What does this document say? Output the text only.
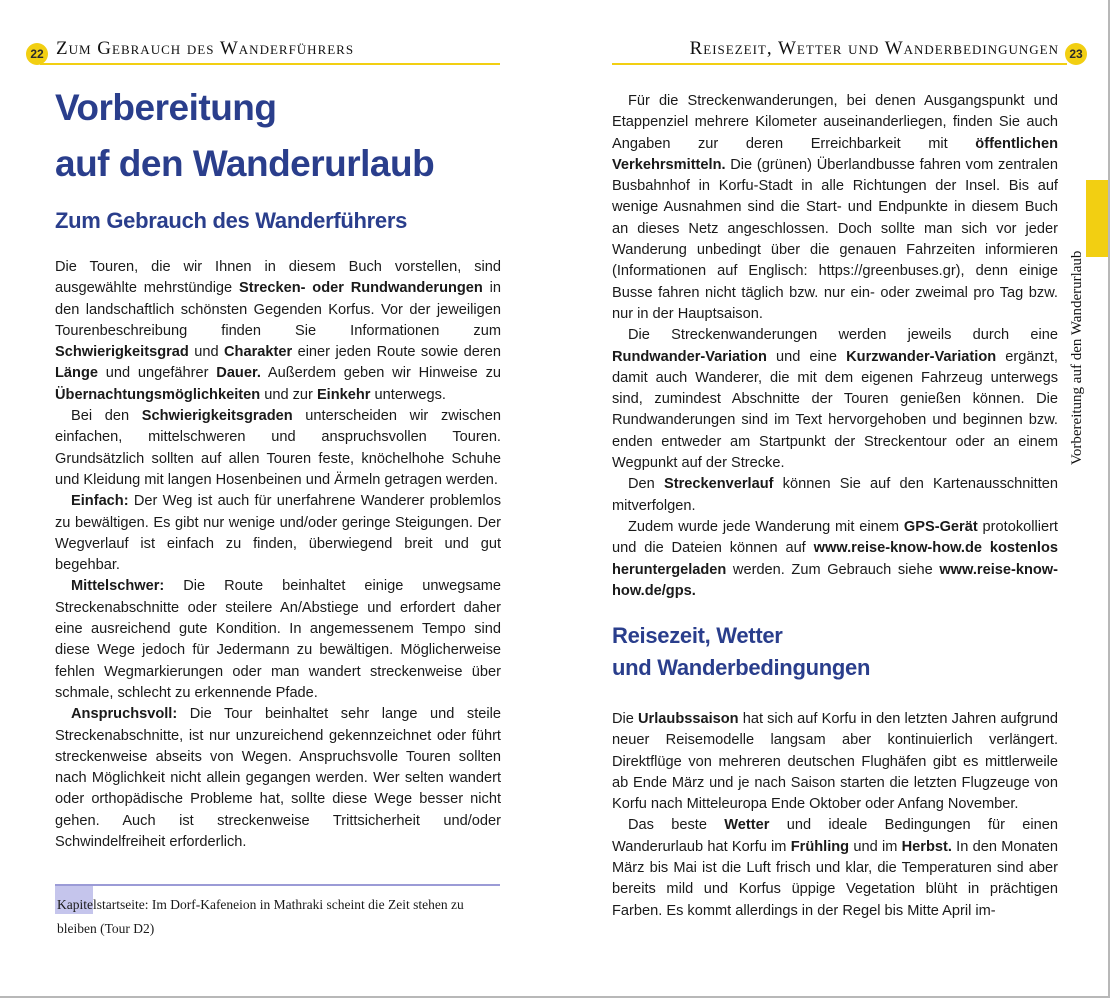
22 Zum Gebrauch des Wanderführers	Reisezeit, Wetter und Wanderbedingungen 23
Vorbereitung
auf den Wanderurlaub
Zum Gebrauch des Wanderführers

Die Touren, die wir Ihnen in diesem Buch vorstellen, sind ausgewählte mehrstündige Strecken- oder Rundwanderungen in den landschaftlich schönsten Gegenden Korfus. Vor der jeweiligen Tourenbeschreibung finden Sie Informationen zum Schwierigkeitsgrad und Charakter einer jeden Route sowie deren Länge und ungefährer Dauer. Außerdem geben wir Hinweise zu Übernachtungsmöglichkeiten und zur Einkehr unterwegs.

Bei den Schwierigkeitsgraden unterscheiden wir zwischen einfachen, mittelschweren und anspruchsvollen Touren. Grundsätzlich sollten auf allen Touren feste, knöchelhohe Schuhe und Kleidung mit langen Hosenbeinen und Ärmeln getragen werden.

Einfach: Der Weg ist auch für unerfahrene Wanderer problemlos zu bewältigen. Es gibt nur wenige und/oder geringe Steigungen. Der Wegverlauf ist einfach zu finden, überwiegend breit und gut begehbar.

Mittelschwer: Die Route beinhaltet einige unwegsame Streckenabschnitte oder steilere An/Abstiege und erfordert daher eine ausreichend gute Kondition. In angemessenem Tempo sind diese Wege jedoch für Jedermann zu bewältigen. Möglicherweise fehlen Wegmarkierungen oder man wandert streckenweise über schmale, schlecht zu erkennende Pfade.

Anspruchsvoll: Die Tour beinhaltet sehr lange und steile Streckenabschnitte, ist nur unzureichend gekennzeichnet oder führt streckenweise abseits von Wegen. Anspruchsvolle Touren sollten nach Möglichkeit nicht allein gegangen werden. Wer selten wandert oder orthopädische Probleme hat, sollte diese Wege besser nicht gehen. Auch ist streckenweise Trittsicherheit und/oder Schwindelfreiheit erforderlich.

Kapitelstartseite: Im Dorf-Kafeneion in Mathraki scheint die Zeit stehen zu bleiben (Tour D2)

Für die Streckenwanderungen, bei denen Ausgangspunkt und Etappenziel mehrere Kilometer auseinanderliegen, finden Sie auch Angaben zur deren Erreichbarkeit mit öffentlichen Verkehrsmitteln. Die (grünen) Überlandbusse fahren vom zentralen Busbahnhof in Korfu-Stadt in alle Richtungen der Insel. Bis auf wenige Ausnahmen sind die Start- und Endpunkte in diesem Buch an dieses Netz angeschlossen. Doch sollte man sich vor jeder Wanderung unbedingt über die genauen Fahrzeiten informieren (Informationen auf Englisch: https://greenbuses.gr), denn einige Busse fahren nicht täglich bzw. nur ein- oder zweimal pro Tag bzw. nur in der Hauptsaison.

Die Streckenwanderungen werden jeweils durch eine Rundwander-Variation und eine Kurzwander-Variation ergänzt, damit auch Wanderer, die mit dem eigenen Fahrzeug unterwegs sind, zumindest Abschnitte der Touren genießen können. Die Rundwanderungen sind im Text hervorgehoben und beginnen bzw. enden entweder am Startpunkt der Streckentour oder an einem Wegpunkt auf der Strecke.

Den Streckenverlauf können Sie auf den Kartenausschnitten mitverfolgen.

Zudem wurde jede Wanderung mit einem GPS-Gerät protokolliert und die Dateien können auf www.reise-know-how.de kostenlos heruntergeladen werden. Zum Gebrauch siehe www.reise-know-how.de/gps.

Reisezeit, Wetter
und Wanderbedingungen

Die Urlaubssaison hat sich auf Korfu in den letzten Jahren aufgrund neuer Reisemodelle langsam aber kontinuierlich verlängert. Direktflüge von mehreren deutschen Flughäfen gibt es mittlerweile ab Ende März und je nach Saison starten die letzten Flugzeuge von Korfu nach Mitteleuropa Ende Oktober oder Anfang November.

Das beste Wetter und ideale Bedingungen für einen Wanderurlaub hat Korfu im Frühling und im Herbst. In den Monaten März bis Mai ist die Luft frisch und klar, die Temperaturen sind aber bereits mild und Korfus üppige Vegetation blüht in prächtigen Farben. Es kommt allerdings in der Regel bis Mitte April im-

Vorbereitung auf den Wanderurlaub
